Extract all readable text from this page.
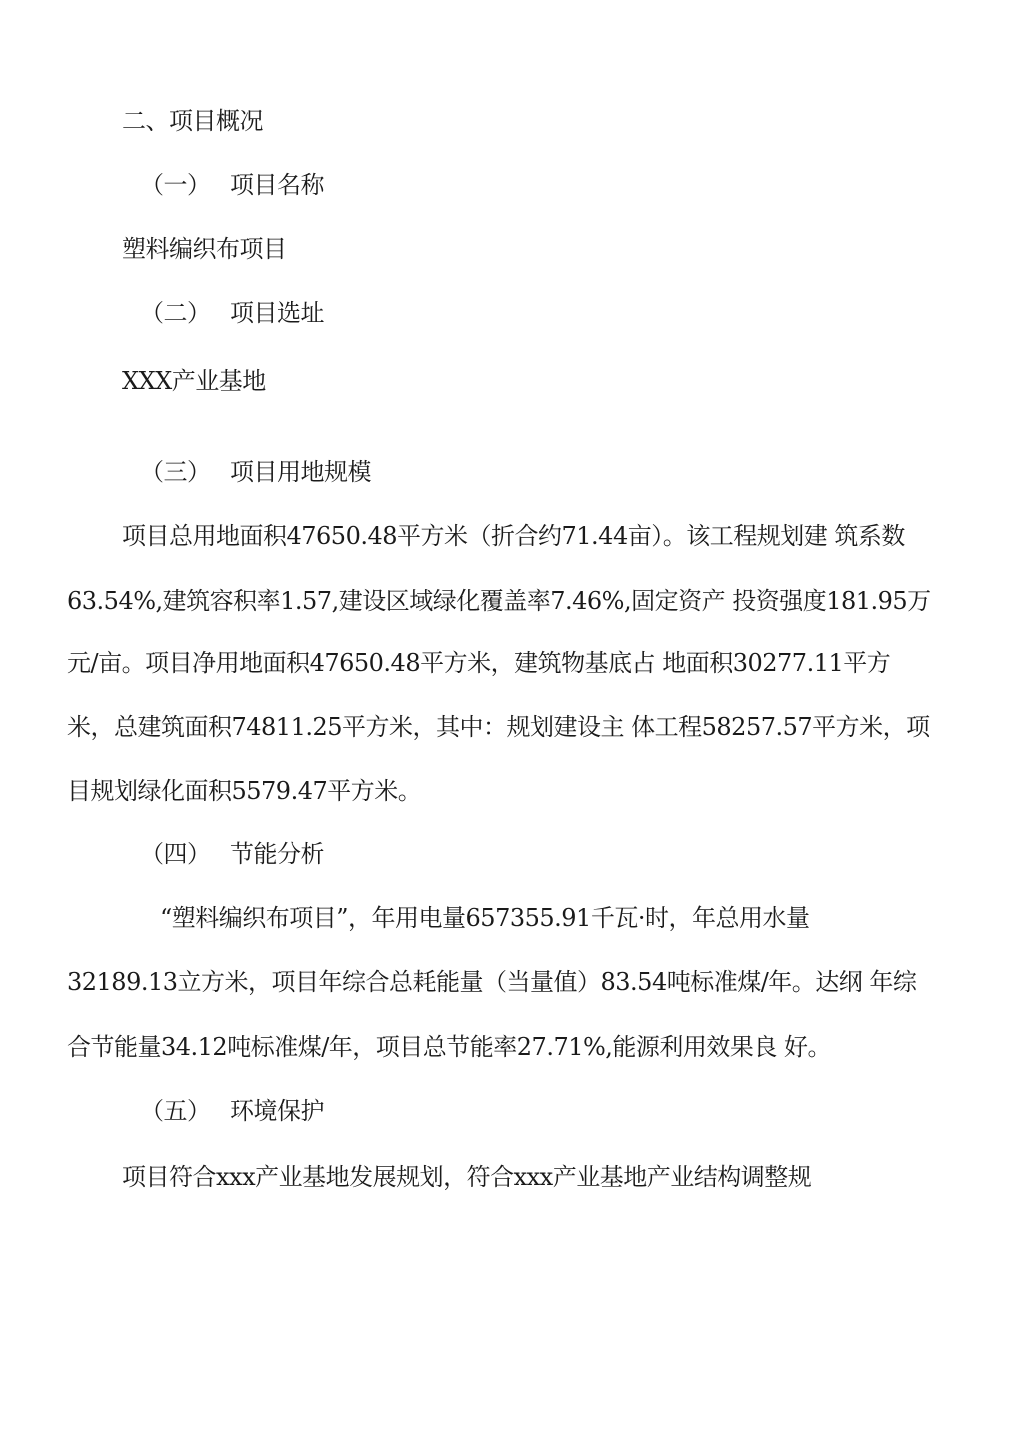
二、项目概况
（一） 项目名称
塑料编织布项目
（二） 项目选址
XXX产业基地
（三） 项目用地规模
项目总用地面积47650.48平方米（折合约71.44亩）。该工程规划建 筑系数
63.54%,建筑容积率1.57,建设区域绿化覆盖率7.46%,固定资产 投资强度181.95万
元/亩。项目净用地面积47650.48平方米，建筑物基底占 地面积30277.11平方
米，总建筑面积74811.25平方米，其中：规划建设主 体工程58257.57平方米，项
目规划绿化面积5579.47平方米。
（四） 节能分析
“塑料编织布项目”，年用电量657355.91千瓦·时，年总用水量
32189.13立方米，项目年综合总耗能量（当量值）83.54吨标准煤/年。达纲 年综
合节能量34.12吨标准煤/年，项目总节能率27.71%,能源利用效果良 好。
（五） 环境保护
项目符合xxx产业基地发展规划，符合xxx产业基地产业结构调整规
